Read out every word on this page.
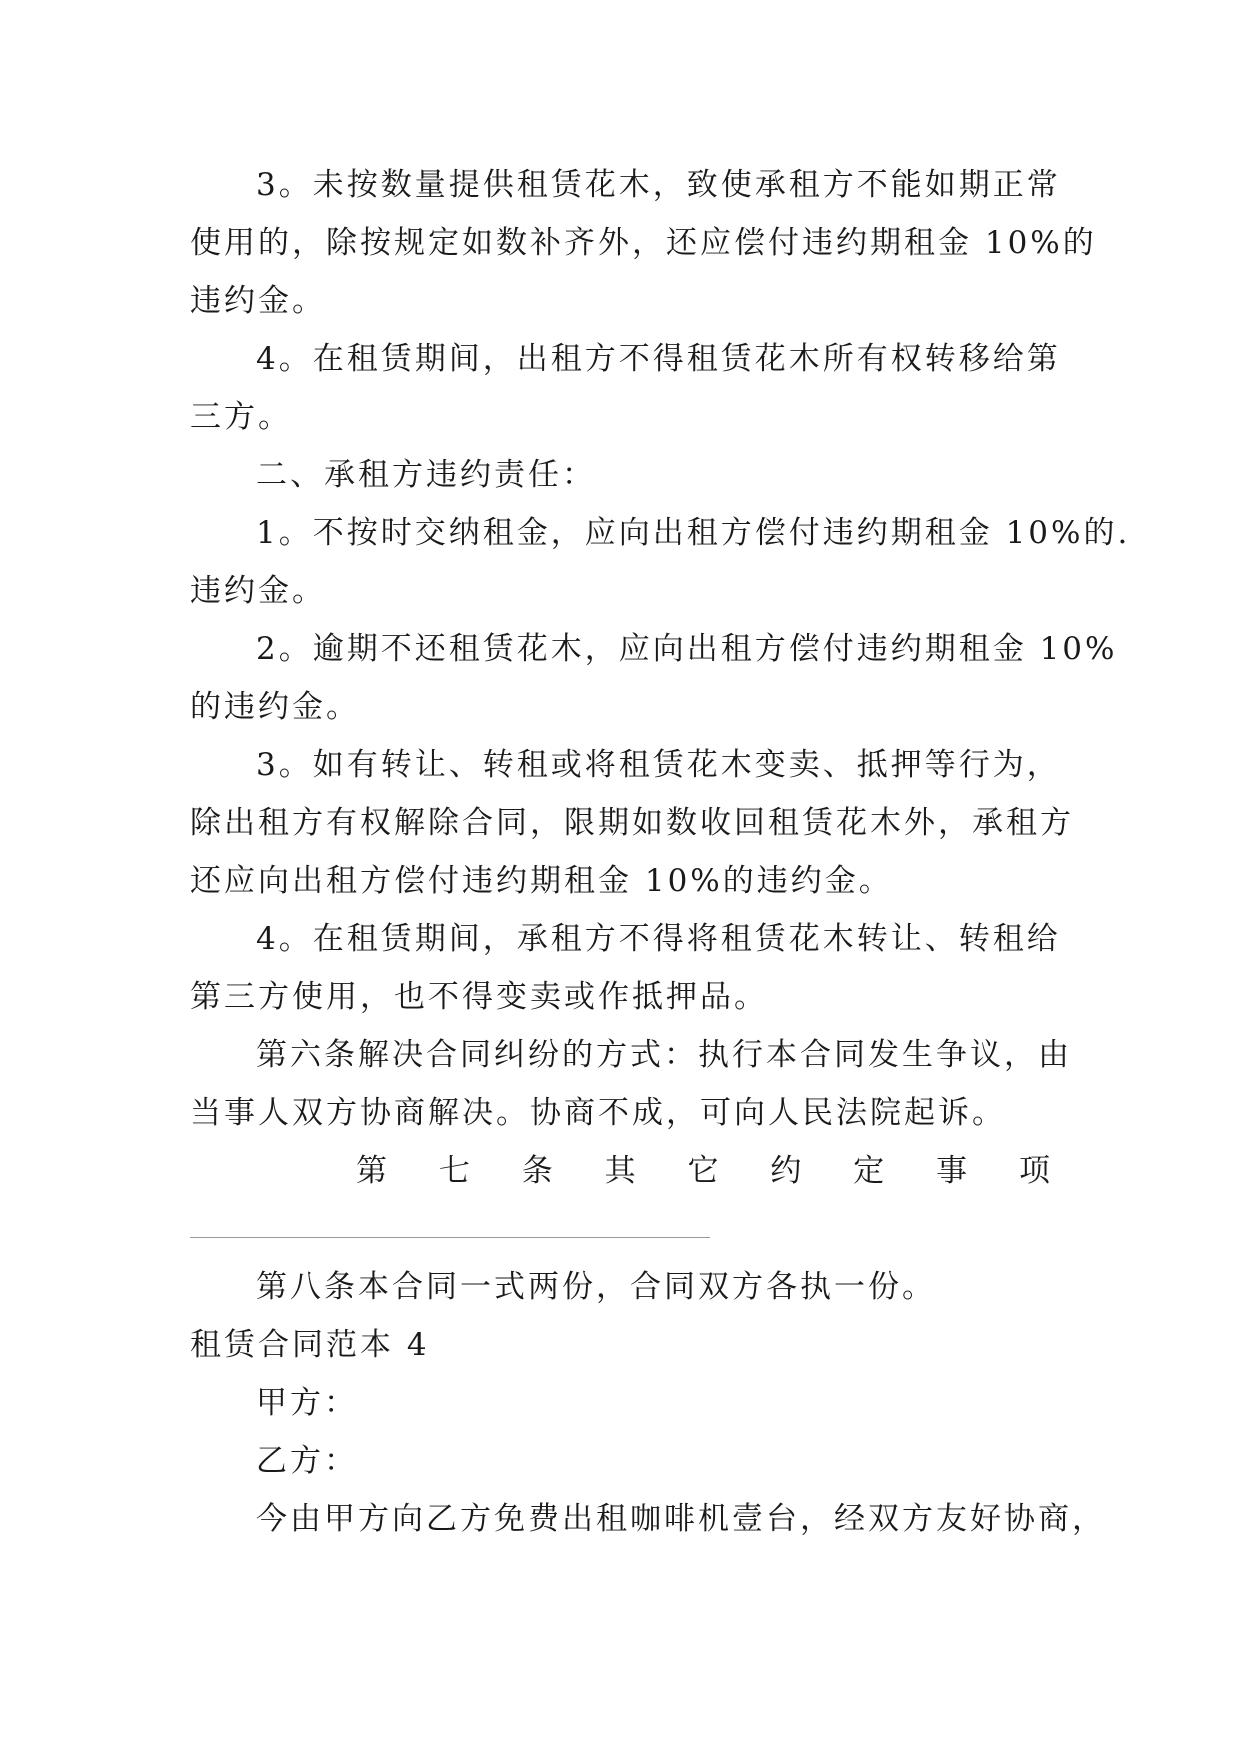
3。未按数量提供租赁花木，致使承租方不能如期正常
使用的，除按规定如数补齐外，还应偿付违约期租金 10%的
违约金。
4。在租赁期间，出租方不得租赁花木所有权转移给第
三方。
二、承租方违约责任：
1。不按时交纳租金，应向出租方偿付违约期租金 10%的.
违约金。
2。逾期不还租赁花木，应向出租方偿付违约期租金 10%
的违约金。
3。如有转让、转租或将租赁花木变卖、抵押等行为，
除出租方有权解除合同，限期如数收回租赁花木外，承租方
还应向出租方偿付违约期租金 10%的违约金。
4。在租赁期间，承租方不得将租赁花木转让、转租给
第三方使用，也不得变卖或作抵押品。
第六条解决合同纠纷的方式：执行本合同发生争议，由
当事人双方协商解决。协商不成，可向人民法院起诉。
第 七 条 其 它 约 定 事 项
第八条本合同一式两份，合同双方各执一份。
租赁合同范本 4
甲方：
乙方：
今由甲方向乙方免费出租咖啡机壹台，经双方友好协商，
